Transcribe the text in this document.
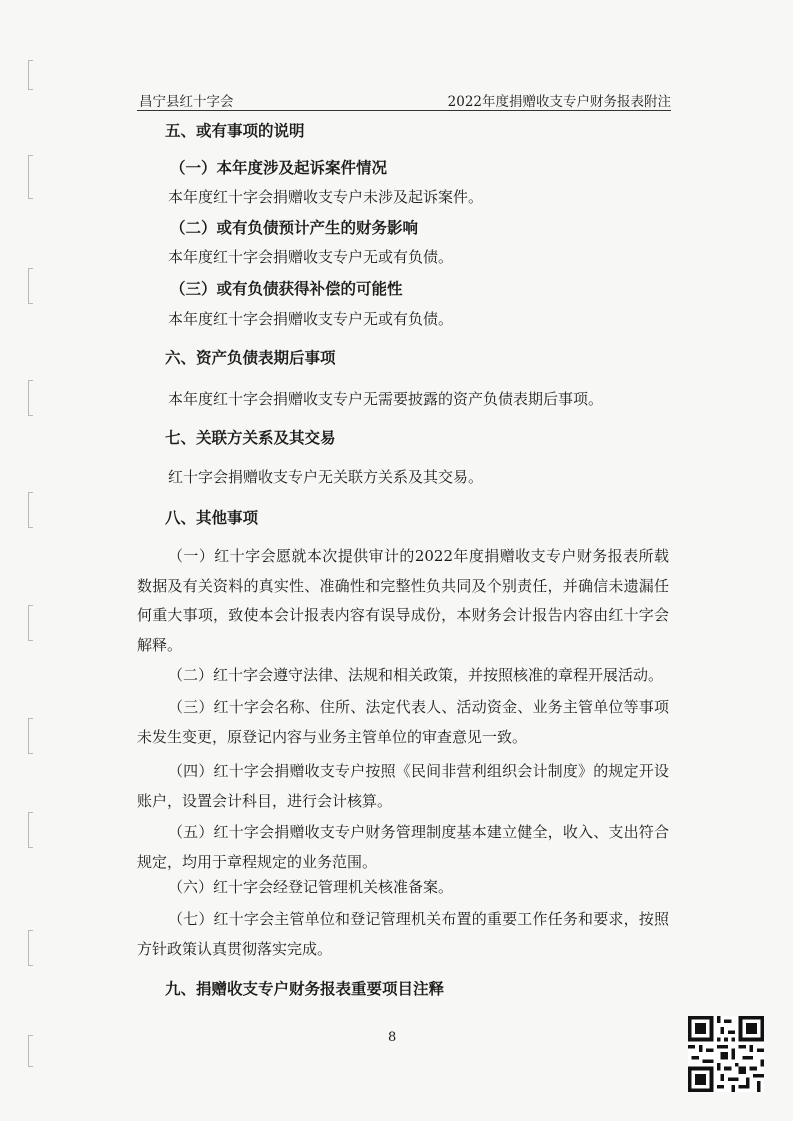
昌宁县红十字会	2022年度捐赠收支专户财务报表附注
五、或有事项的说明
（一）本年度涉及起诉案件情况
本年度红十字会捐赠收支专户未涉及起诉案件。
（二）或有负债预计产生的财务影响
本年度红十字会捐赠收支专户无或有负债。
（三）或有负债获得补偿的可能性
本年度红十字会捐赠收支专户无或有负债。
六、资产负债表期后事项
本年度红十字会捐赠收支专户无需要披露的资产负债表期后事项。
七、关联方关系及其交易
红十字会捐赠收支专户无关联方关系及其交易。
八、其他事项
（一）红十字会愿就本次提供审计的2022年度捐赠收支专户财务报表所载数据及有关资料的真实性、准确性和完整性负共同及个别责任，并确信未遗漏任何重大事项，致使本会计报表内容有误导成份，本财务会计报告内容由红十字会解释。
（二）红十字会遵守法律、法规和相关政策，并按照核准的章程开展活动。
（三）红十字会名称、住所、法定代表人、活动资金、业务主管单位等事项未发生变更，原登记内容与业务主管单位的审查意见一致。
（四）红十字会捐赠收支专户按照《民间非营利组织会计制度》的规定开设账户，设置会计科目，进行会计核算。
（五）红十字会捐赠收支专户财务管理制度基本建立健全，收入、支出符合规定，均用于章程规定的业务范围。
（六）红十字会经登记管理机关核准备案。
（七）红十字会主管单位和登记管理机关布置的重要工作任务和要求，按照方针政策认真贯彻落实完成。
九、捐赠收支专户财务报表重要项目注释
8
